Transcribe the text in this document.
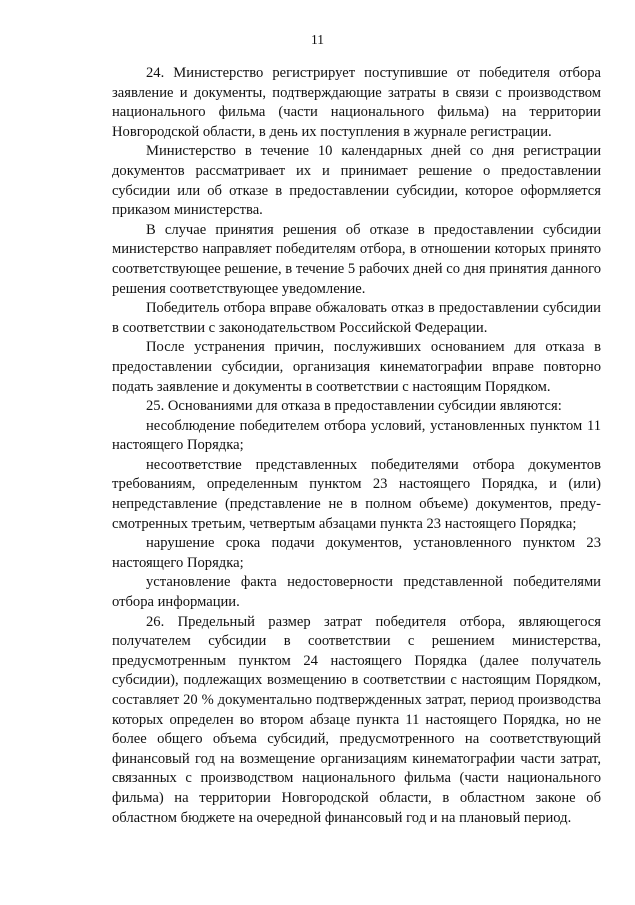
11

24. Министерство регистрирует поступившие от победителя отбора заявление и документы, подтверждающие затраты в связи с производством национального фильма (части национального фильма) на территории Новгородской области, в день их поступления в журнале регистрации.

Министерство в течение 10 календарных дней со дня регистрации документов рассматривает их и принимает решение о предоставлении субсидии или об отказе в предоставлении субсидии, которое оформляется приказом министерства.

В случае принятия решения об отказе в предоставлении субсидии министерство направляет победителям отбора, в отношении которых принято соответствующее решение, в течение 5 рабочих дней со дня принятия данного решения соответствующее уведомление.

Победитель отбора вправе обжаловать отказ в предоставлении субсидии в соответствии с законодательством Российской Федерации.

После устранения причин, послуживших основанием для отказа в предоставлении субсидии, организация кинематографии вправе повторно подать заявление и документы в соответствии с настоящим Порядком.

25. Основаниями для отказа в предоставлении субсидии являются:

несоблюдение победителем отбора условий, установленных пунктом 11 настоящего Порядка;

несоответствие представленных победителями отбора документов требованиям, определенным пунктом 23 настоящего Порядка, и (или) непредставление (представление не в полном объеме) документов, предусмотренных третьим, четвертым абзацами пункта 23 настоящего Порядка;

нарушение срока подачи документов, установленного пунктом 23 настоящего Порядка;

установление факта недостоверности представленной победителями отбора информации.

26. Предельный размер затрат победителя отбора, являющегося получателем субсидии в соответствии с решением министерства, предусмотренным пунктом 24 настоящего Порядка (далее получатель субсидии), подлежащих возмещению в соответствии с настоящим Порядком, составляет 20 % документально подтвержденных затрат, период производства которых определен во втором абзаце пункта 11 настоящего Порядка, но не более общего объема субсидий, предусмотренного на соответствующий финансовый год на возмещение организациям кинематографии части затрат, связанных с производством национального фильма (части национального фильма) на территории Новгородской области, в областном законе об областном бюджете на очередной финансовый год и на плановый период.
